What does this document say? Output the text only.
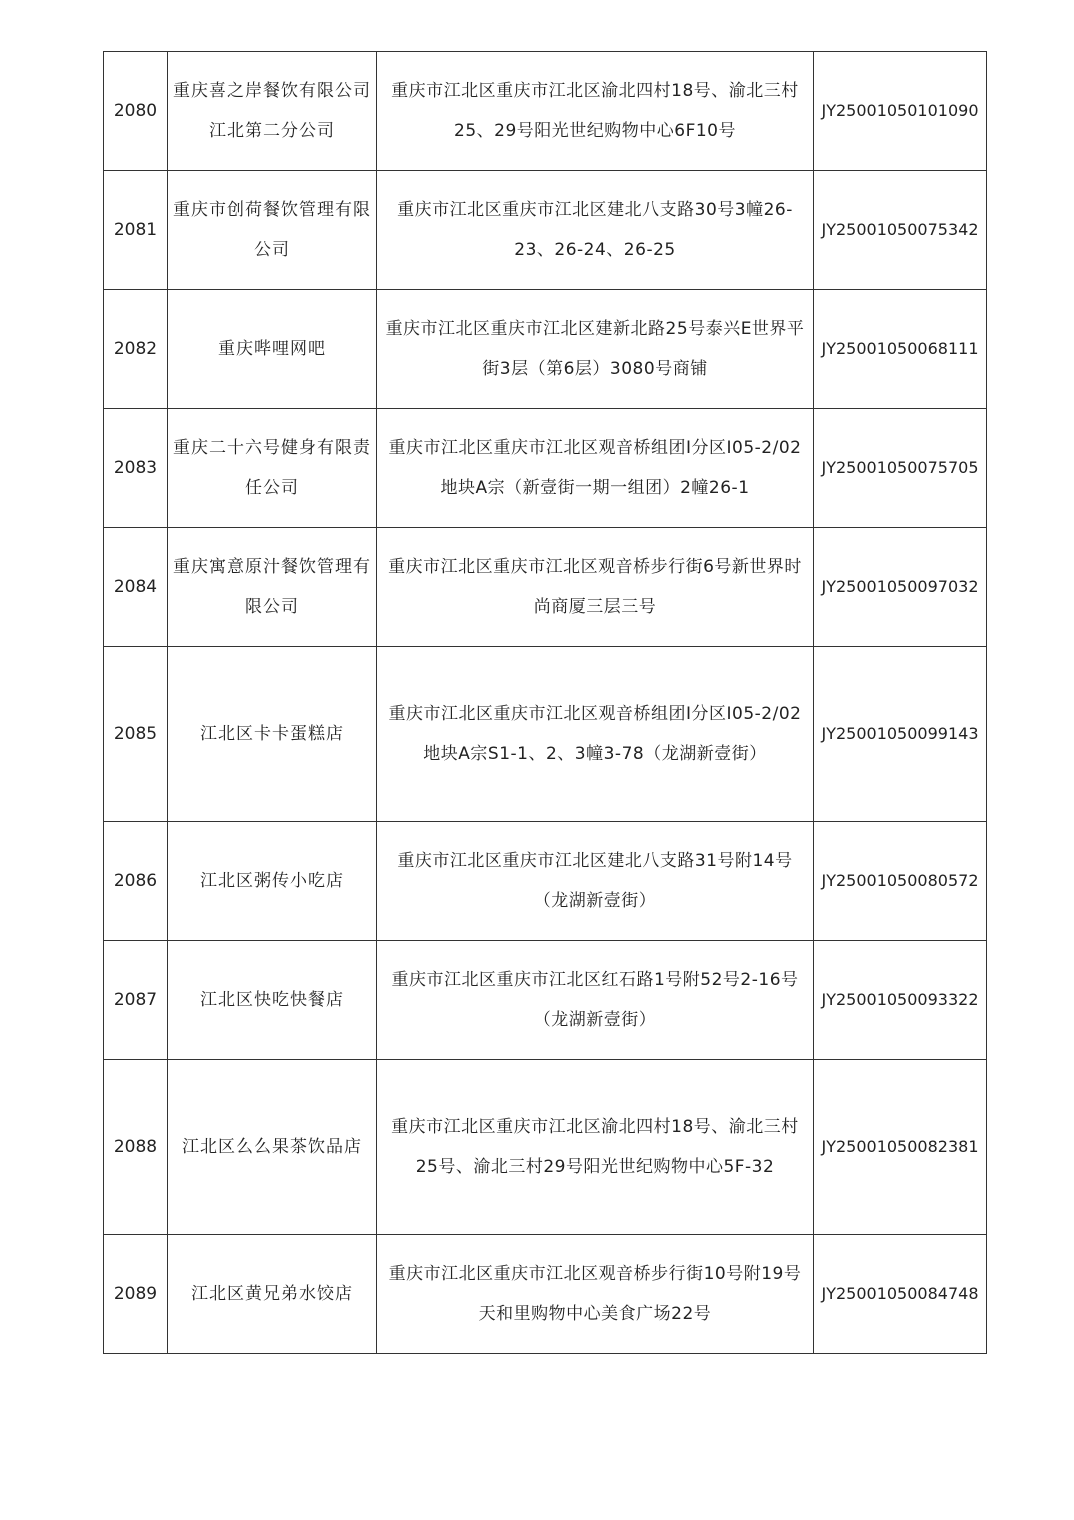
2080	重庆喜之岸餐饮有限公司江北第二分公司	重庆市江北区重庆市江北区渝北四村18号、渝北三村25、29号阳光世纪购物中心6F10号	JY25001050101090
2081	重庆市创荷餐饮管理有限公司	重庆市江北区重庆市江北区建北八支路30号3幢26-23、26-24、26-25	JY25001050075342
2082	重庆哔哩网吧	重庆市江北区重庆市江北区建新北路25号泰兴E世界平街3层（第6层）3080号商铺	JY25001050068111
2083	重庆二十六号健身有限责任公司	重庆市江北区重庆市江北区观音桥组团I分区I05-2/02地块A宗（新壹街一期一组团）2幢26-1	JY25001050075705
2084	重庆寓意原汁餐饮管理有限公司	重庆市江北区重庆市江北区观音桥步行街6号新世界时尚商厦三层三号	JY25001050097032
2085	江北区卡卡蛋糕店	重庆市江北区重庆市江北区观音桥组团I分区I05-2/02地块A宗S1-1、2、3幢3-78（龙湖新壹街）	JY25001050099143
2086	江北区粥传小吃店	重庆市江北区重庆市江北区建北八支路31号附14号（龙湖新壹街）	JY25001050080572
2087	江北区快吃快餐店	重庆市江北区重庆市江北区红石路1号附52号2-16号（龙湖新壹街）	JY25001050093322
2088	江北区么么果茶饮品店	重庆市江北区重庆市江北区渝北四村18号、渝北三村25号、渝北三村29号阳光世纪购物中心5F-32	JY25001050082381
2089	江北区黄兄弟水饺店	重庆市江北区重庆市江北区观音桥步行街10号附19号天和里购物中心美食广场22号	JY25001050084748
